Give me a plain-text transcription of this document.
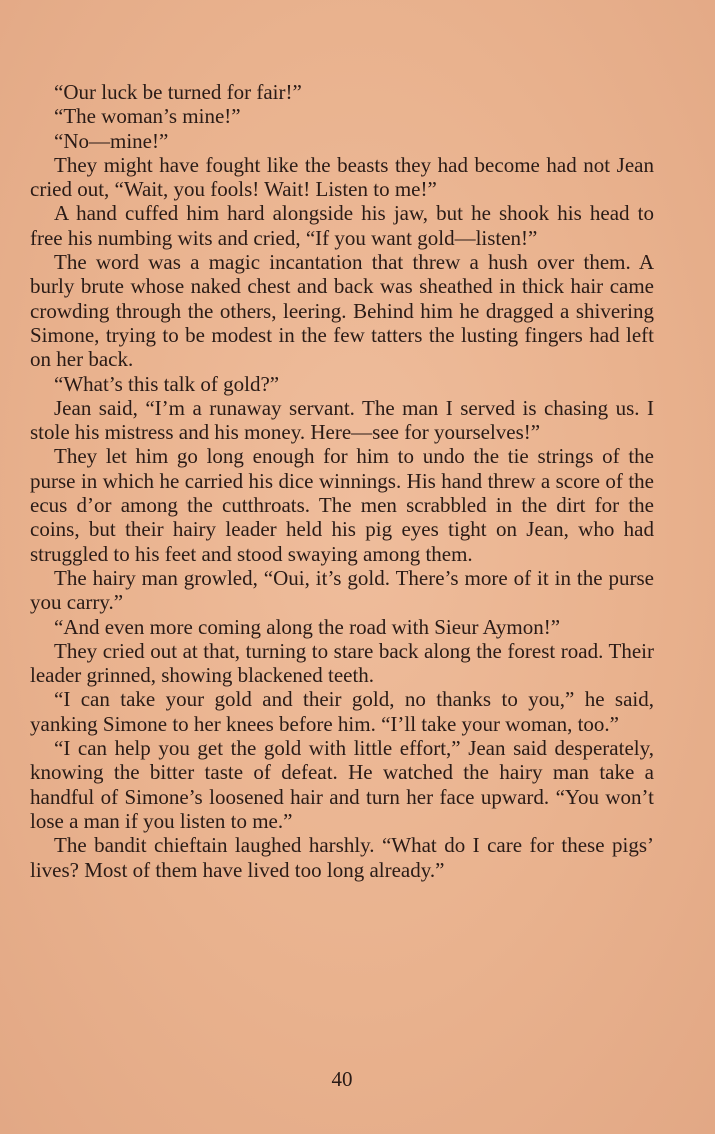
“Our luck be turned for fair!”

“The woman’s mine!”

“No—mine!”

They might have fought like the beasts they had become had not Jean cried out, “Wait, you fools! Wait! Listen to me!”

A hand cuffed him hard alongside his jaw, but he shook his head to free his numbing wits and cried, “If you want gold—listen!”

The word was a magic incantation that threw a hush over them. A burly brute whose naked chest and back was sheathed in thick hair came crowding through the others, leering. Behind him he dragged a shivering Simone, trying to be modest in the few tatters the lusting fingers had left on her back.

“What’s this talk of gold?”

Jean said, “I’m a runaway servant. The man I served is chasing us. I stole his mistress and his money. Here—see for yourselves!”

They let him go long enough for him to undo the tie strings of the purse in which he carried his dice winnings. His hand threw a score of the ecus d’or among the cutthroats. The men scrabbled in the dirt for the coins, but their hairy leader held his pig eyes tight on Jean, who had struggled to his feet and stood swaying among them.

The hairy man growled, “Oui, it’s gold. There’s more of it in the purse you carry.”

“And even more coming along the road with Sieur Aymon!”

They cried out at that, turning to stare back along the forest road. Their leader grinned, showing blackened teeth.

“I can take your gold and their gold, no thanks to you,” he said, yanking Simone to her knees before him. “I’ll take your woman, too.”

“I can help you get the gold with little effort,” Jean said desperately, knowing the bitter taste of defeat. He watched the hairy man take a handful of Simone’s loosened hair and turn her face upward. “You won’t lose a man if you listen to me.”

The bandit chieftain laughed harshly. “What do I care for these pigs’ lives? Most of them have lived too long already.”

40
